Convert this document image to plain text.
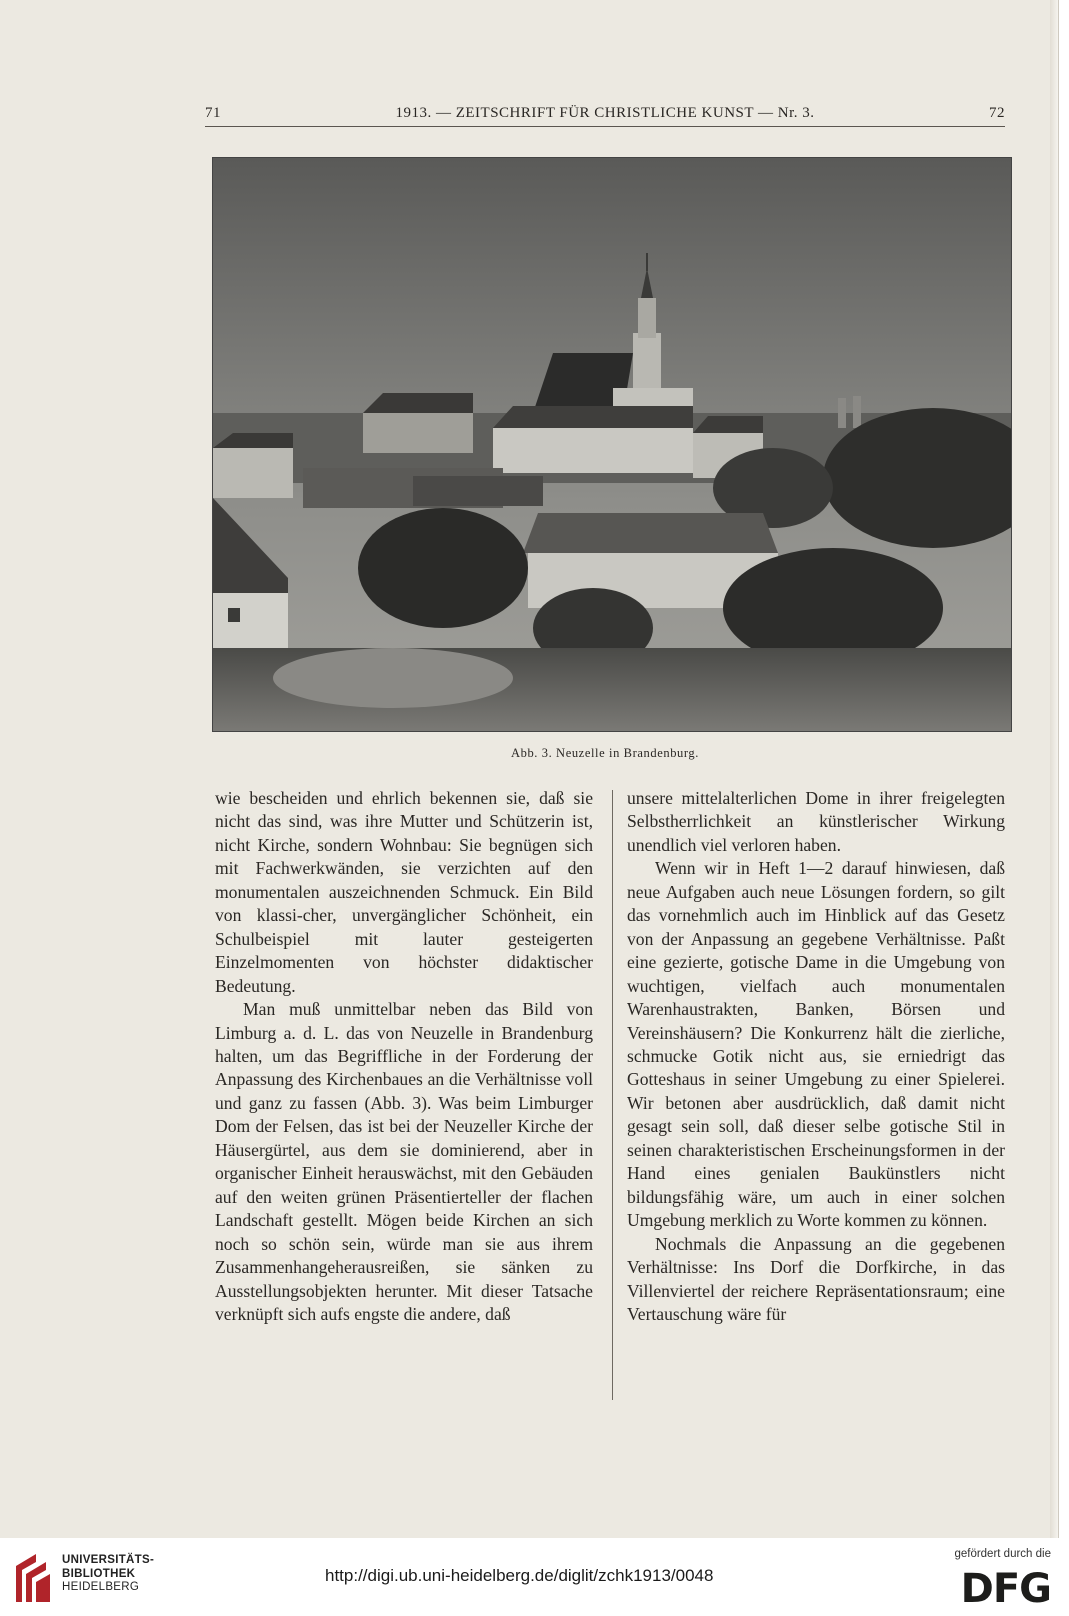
71	1913. — ZEITSCHRIFT FÜR CHRISTLICHE KUNST — Nr. 3.	72
Abb. 3. Neuzelle in Brandenburg.

wie bescheiden und ehrlich bekennen sie, daß sie nicht das sind, was ihre Mutter und Schützerin ist, nicht Kirche, sondern Wohnbau: Sie begnügen sich mit Fachwerkwänden, sie verzichten auf den monumentalen auszeichnenden Schmuck. Ein Bild von klassi-cher, unvergänglicher Schönheit, ein Schulbeispiel mit lauter gesteigerten Einzelmomenten von höchster didaktischer Bedeutung.

Man muß unmittelbar neben das Bild von Limburg a. d. L. das von Neuzelle in Brandenburg halten, um das Begriffliche in der Forderung der Anpassung des Kirchenbaues an die Verhältnisse voll und ganz zu fassen (Abb. 3). Was beim Limburger Dom der Felsen, das ist bei der Neuzeller Kirche der Häusergürtel, aus dem sie dominierend, aber in organischer Einheit herauswächst, mit den Gebäuden auf den weiten grünen Präsentierteller der flachen Landschaft gestellt. Mögen beide Kirchen an sich noch so schön sein, würde man sie aus ihrem Zusammenhangeherausreißen, sie sänken zu Ausstellungsobjekten herunter. Mit dieser Tatsache verknüpft sich aufs engste die andere, daß

unsere mittelalterlichen Dome in ihrer freigelegten Selbstherrlichkeit an künstlerischer Wirkung unendlich viel verloren haben.

Wenn wir in Heft 1—2 darauf hinwiesen, daß neue Aufgaben auch neue Lösungen fordern, so gilt das vornehmlich auch im Hinblick auf das Gesetz von der Anpassung an gegebene Verhältnisse. Paßt eine gezierte, gotische Dame in die Umgebung von wuchtigen, vielfach auch monumentalen Warenhaustrakten, Banken, Börsen und Vereinshäusern? Die Konkurrenz hält die zierliche, schmucke Gotik nicht aus, sie erniedrigt das Gotteshaus in seiner Umgebung zu einer Spielerei. Wir betonen aber ausdrücklich, daß damit nicht gesagt sein soll, daß dieser selbe gotische Stil in seinen charakteristischen Erscheinungsformen in der Hand eines genialen Baukünstlers nicht bildungsfähig wäre, um auch in einer solchen Umgebung merklich zu Worte kommen zu können.

Nochmals die Anpassung an die gegebenen Verhältnisse: Ins Dorf die Dorfkirche, in das Villenviertel der reichere Repräsentationsraum; eine Vertauschung wäre für

UNIVERSITÄTS-
BIBLIOTHEK
HEIDELBERG
http://digi.ub.uni-heidelberg.de/diglit/zchk1913/0048
gefördert durch die
DFG
